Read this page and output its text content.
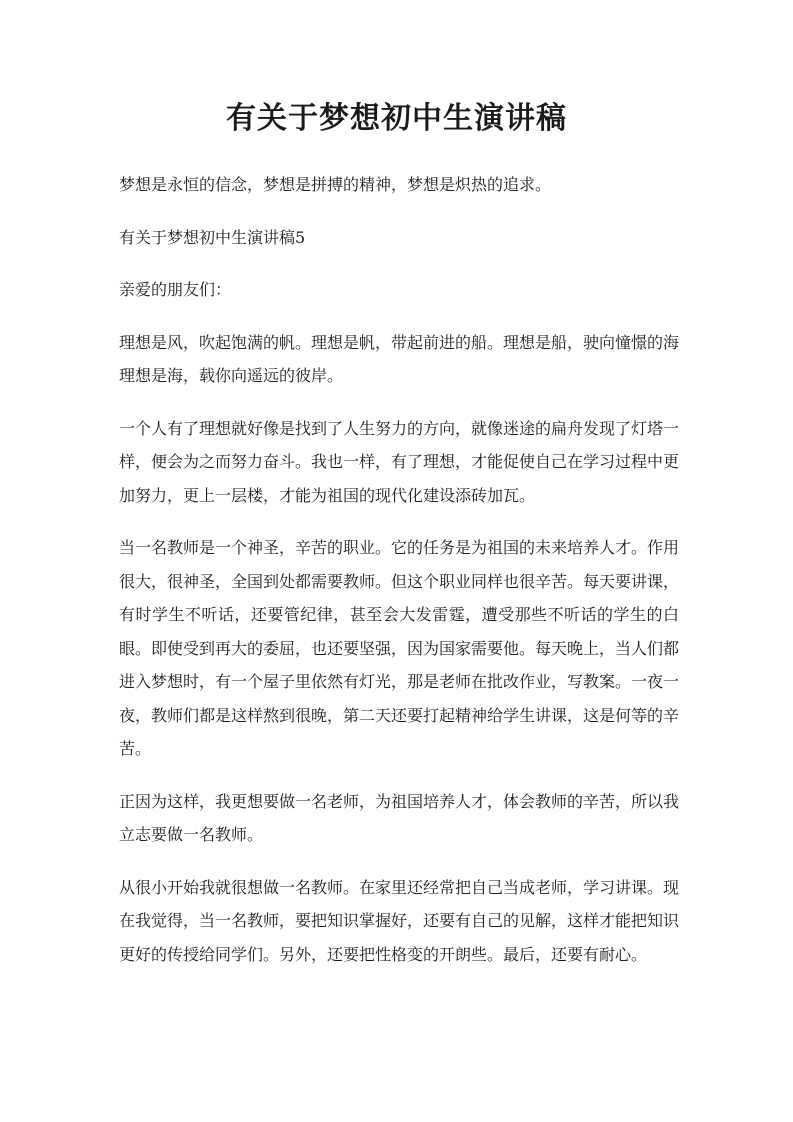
有关于梦想初中生演讲稿

梦想是永恒的信念，梦想是拼搏的精神，梦想是炽热的追求。

有关于梦想初中生演讲稿5

亲爱的朋友们：

理想是风，吹起饱满的帆。理想是帆，带起前进的船。理想是船，驶向憧憬的海理想是海，载你向遥远的彼岸。

一个人有了理想就好像是找到了人生努力的方向，就像迷途的扁舟发现了灯塔一样，便会为之而努力奋斗。我也一样，有了理想，才能促使自己在学习过程中更加努力，更上一层楼，才能为祖国的现代化建设添砖加瓦。

当一名教师是一个神圣，辛苦的职业。它的任务是为祖国的未来培养人才。作用很大，很神圣，全国到处都需要教师。但这个职业同样也很辛苦。每天要讲课，有时学生不听话，还要管纪律，甚至会大发雷霆，遭受那些不听话的学生的白眼。即使受到再大的委屈，也还要坚强，因为国家需要他。每天晚上，当人们都进入梦想时，有一个屋子里依然有灯光，那是老师在批改作业，写教案。一夜一夜，教师们都是这样熬到很晚，第二天还要打起精神给学生讲课，这是何等的辛苦。

正因为这样，我更想要做一名老师，为祖国培养人才，体会教师的辛苦，所以我立志要做一名教师。

从很小开始我就很想做一名教师。在家里还经常把自己当成老师，学习讲课。现在我觉得，当一名教师，要把知识掌握好，还要有自己的见解，这样才能把知识更好的传授给同学们。另外，还要把性格变的开朗些。最后，还要有耐心。
